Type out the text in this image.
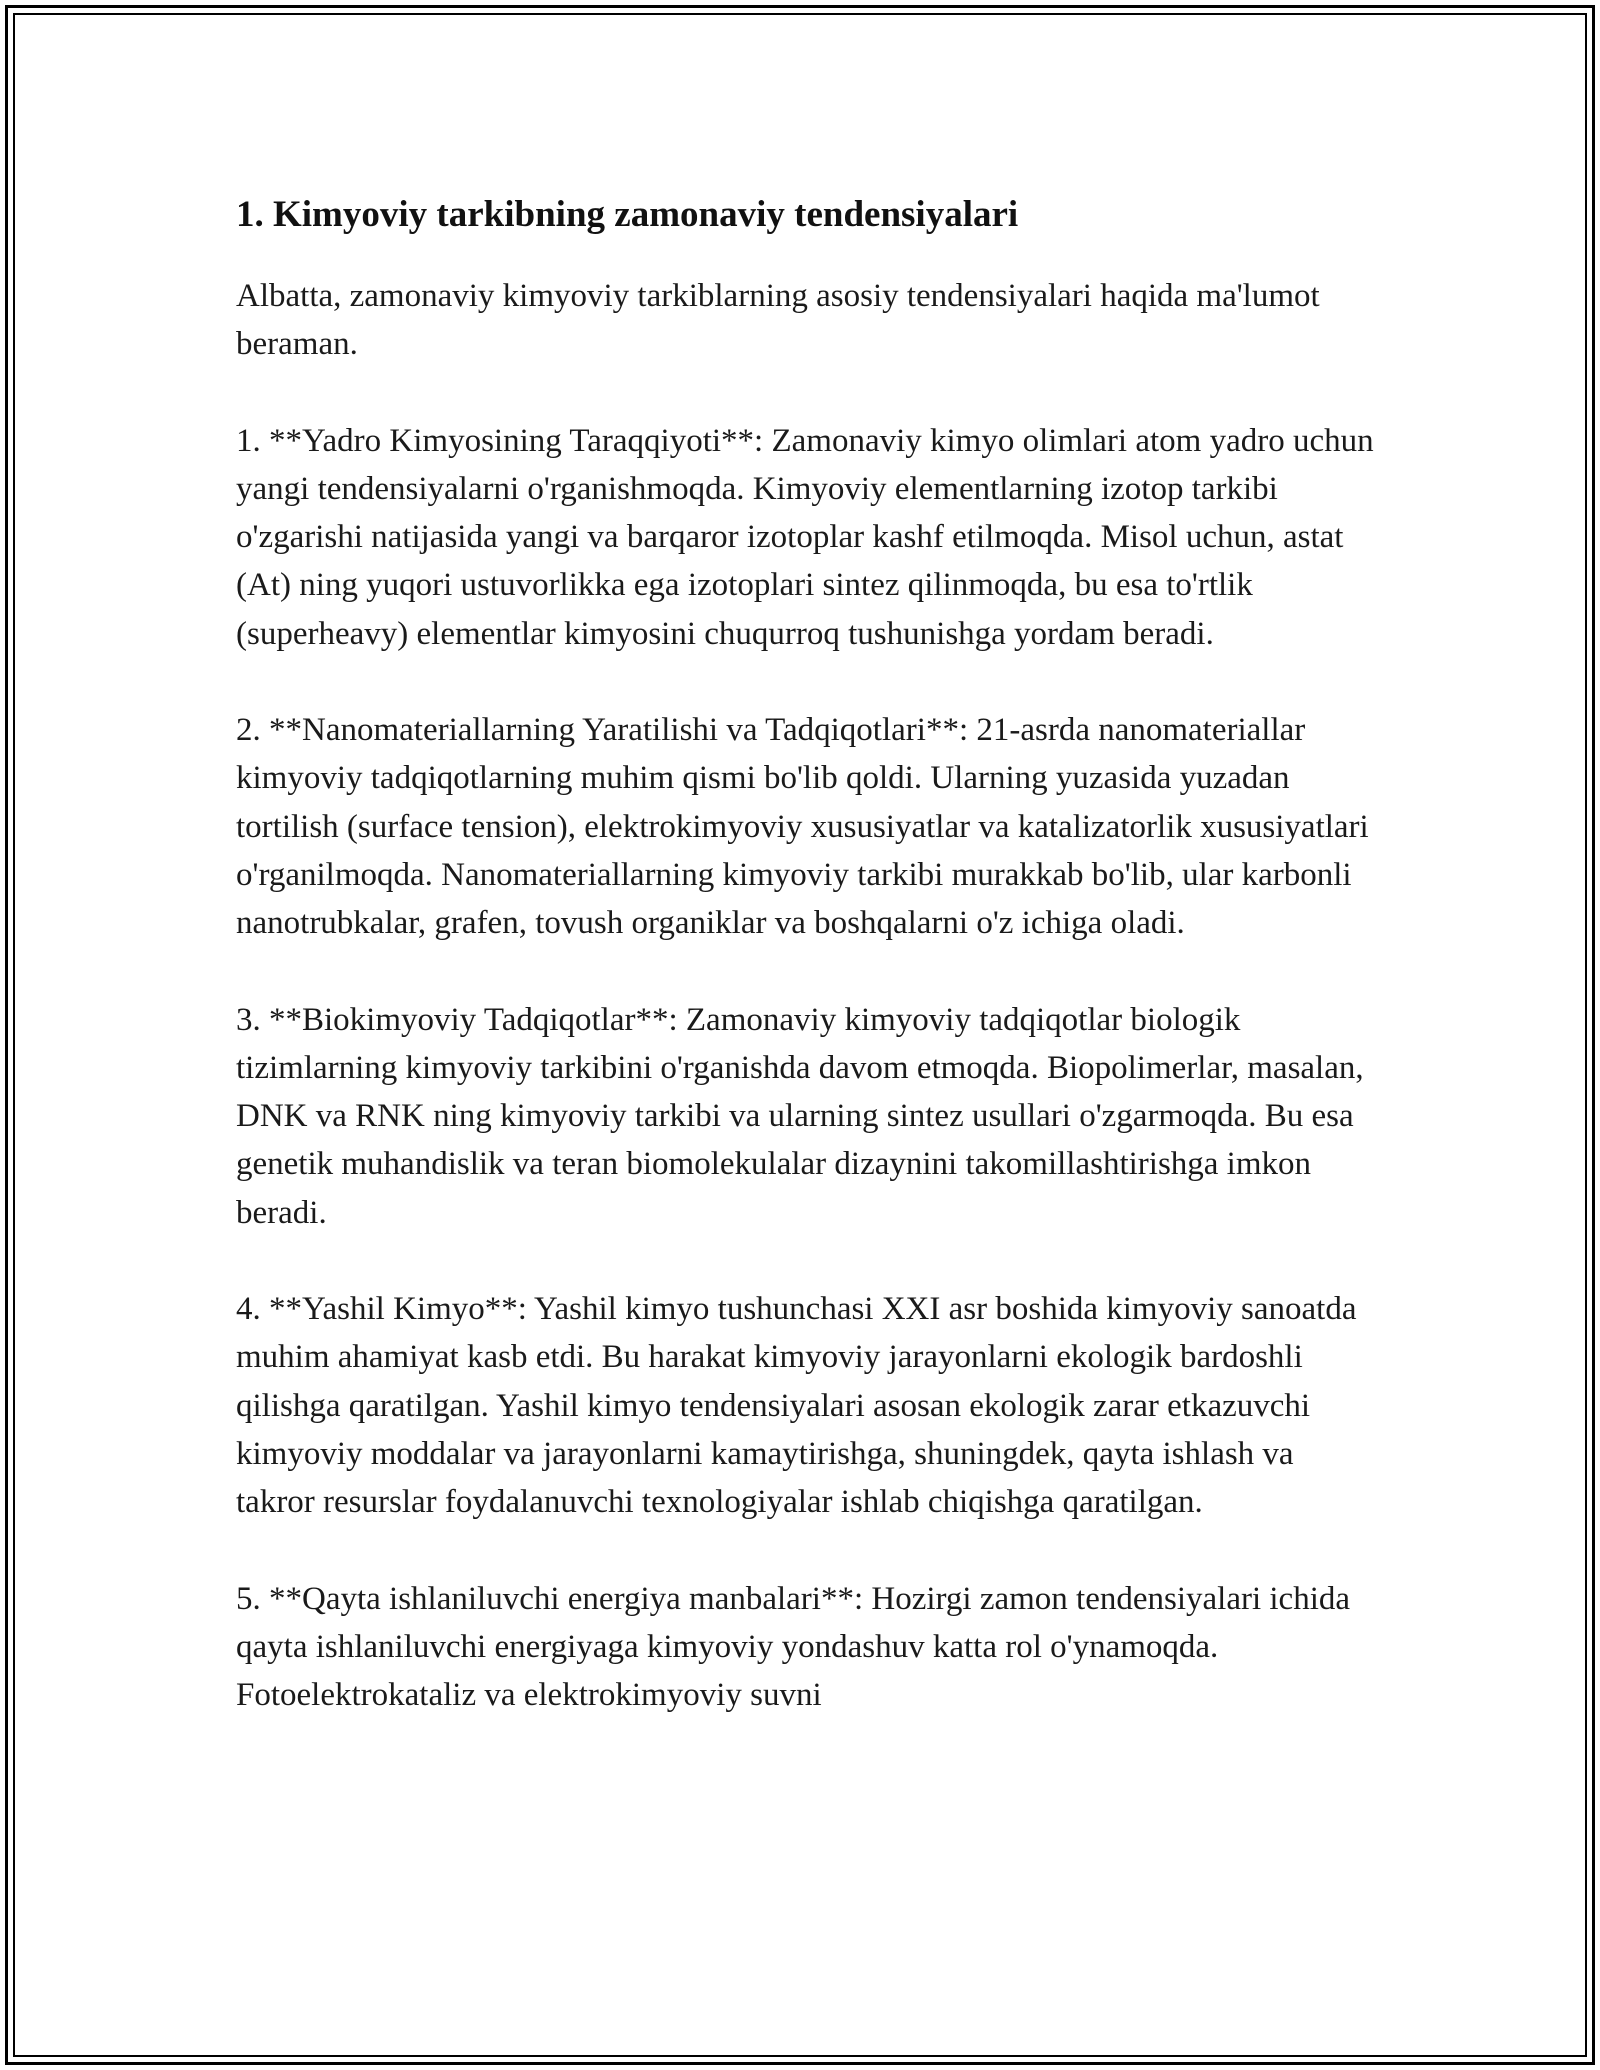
1. Kimyoviy tarkibning zamonaviy tendensiyalari

Albatta, zamonaviy kimyoviy tarkiblarning asosiy tendensiyalari haqida ma'lumot beraman.

1. **Yadro Kimyosining Taraqqiyoti**: Zamonaviy kimyo olimlari atom yadro uchun yangi tendensiyalarni o'rganishmoqda. Kimyoviy elementlarning izotop tarkibi o'zgarishi natijasida yangi va barqaror izotoplar kashf etilmoqda. Misol uchun, astat (At) ning yuqori ustuvorlikka ega izotoplari sintez qilinmoqda, bu esa to'rtlik (superheavy) elementlar kimyosini chuqurroq tushunishga yordam beradi.

2. **Nanomateriallarning Yaratilishi va Tadqiqotlari**: 21-asrda nanomateriallar kimyoviy tadqiqotlarning muhim qismi bo'lib qoldi. Ularning yuzasida yuzadan tortilish (surface tension), elektrokimyoviy xususiyatlar va katalizatorlik xususiyatlari o'rganilmoqda. Nanomateriallarning kimyoviy tarkibi murakkab bo'lib, ular karbonli nanotrubkalar, grafen, tovush organiklar va boshqalarni o'z ichiga oladi.

3. **Biokimyoviy Tadqiqotlar**: Zamonaviy kimyoviy tadqiqotlar biologik tizimlarning kimyoviy tarkibini o'rganishda davom etmoqda. Biopolimerlar, masalan, DNK va RNK ning kimyoviy tarkibi va ularning sintez usullari o'zgarmoqda. Bu esa genetik muhandislik va teran biomolekulalar dizaynini takomillashtirishga imkon beradi.

4. **Yashil Kimyo**: Yashil kimyo tushunchasi XXI asr boshida kimyoviy sanoatda muhim ahamiyat kasb etdi. Bu harakat kimyoviy jarayonlarni ekologik bardoshli qilishga qaratilgan. Yashil kimyo tendensiyalari asosan ekologik zarar etkazuvchi kimyoviy moddalar va jarayonlarni kamaytirishga, shuningdek, qayta ishlash va takror resurslar foydalanuvchi texnologiyalar ishlab chiqishga qaratilgan.

5. **Qayta ishlaniluvchi energiya manbalari**: Hozirgi zamon tendensiyalari ichida qayta ishlaniluvchi energiyaga kimyoviy yondashuv katta rol o'ynamoqda. Fotoelektrokataliz va elektrokimyoviy suvni
